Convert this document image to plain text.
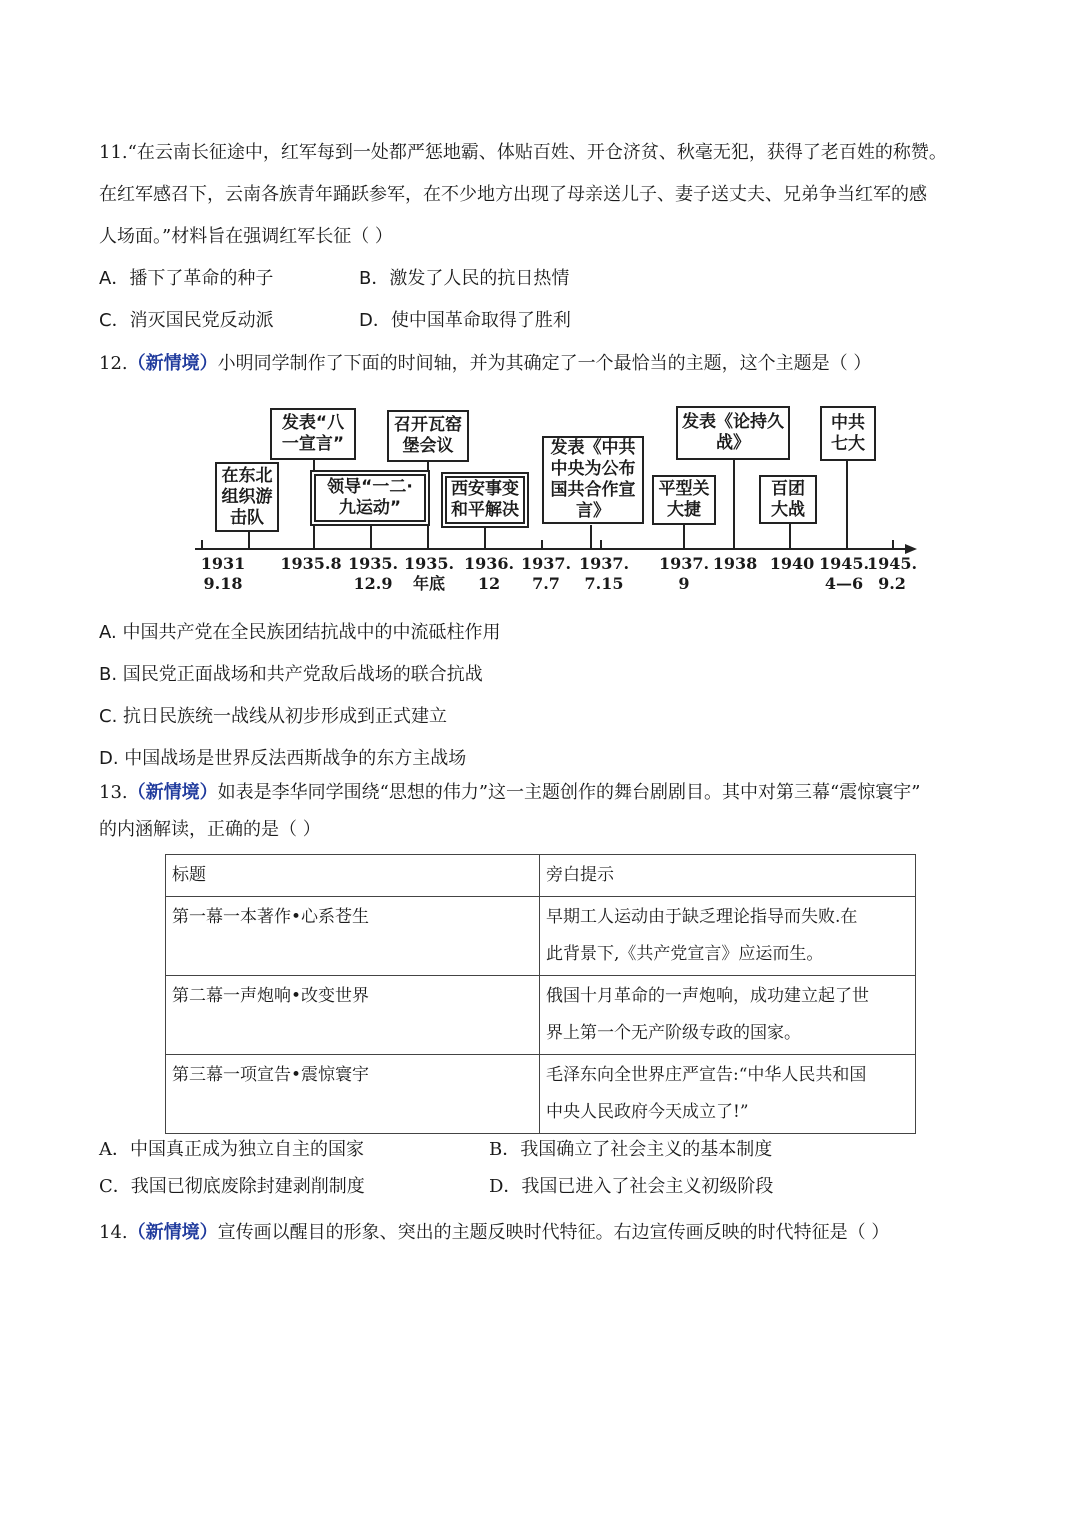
11.“在云南长征途中，红军每到一处都严惩地霸、体贴百姓、开仓济贫、秋毫无犯，获得了老百姓的称赞。
在红军感召下，云南各族青年踊跃参军，在不少地方出现了母亲送儿子、妻子送丈夫、兄弟争当红军的感
人场面。”材料旨在强调红军长征（ ）
A．播下了革命的种子	B．激发了人民的抗日热情
C．消灭国民党反动派	D．使中国革命取得了胜利
12.（新情境）小明同学制作了下面的时间轴，并为其确定了一个最恰当的主题，这个主题是（ ）
在东北组织游击队
发表“八一宣言”
领导“一二·九运动”
召开瓦窑堡会议
西安事变和平解决
发表《中共中央为公布国共合作宣言》
平型关大捷
发表《论持久战》
百团大战
中共七大
1931
9.18
1935.8 1935.
12.9
1935.
年底
1936.
12
1937.
7.7
1937.
7.15
1937.
9
1938 1940 1945.
4—6
1945.
9.2
A. 中国共产党在全民族团结抗战中的中流砥柱作用
B. 国民党正面战场和共产党敌后战场的联合抗战
C. 抗日民族统一战线从初步形成到正式建立
D. 中国战场是世界反法西斯战争的东方主战场
13.（新情境）如表是李华同学围绕“思想的伟力”这一主题创作的舞台剧剧目。其中对第三幕“震惊寰宇”
的内涵解读，正确的是（ ）
标题	旁白提示
第一幕一本著作•心系苍生	早期工人运动由于缺乏理论指导而失败.在
此背景下,《共产党宣言》应运而生。

第二幕一声炮响•改变世界	俄国十月革命的一声炮响，成功建立起了世
界上第一个无产阶级专政的国家。

第三幕一项宣告•震惊寰宇	毛泽东向全世界庄严宣告:“中华人民共和国
中央人民政府今天成立了!”
A．中国真正成为独立自主的国家	B．我国确立了社会主义的基本制度
C．我国已彻底废除封建剥削制度	D．我国已进入了社会主义初级阶段
14.（新情境）宣传画以醒目的形象、突出的主题反映时代特征。右边宣传画反映的时代特征是（ ）
